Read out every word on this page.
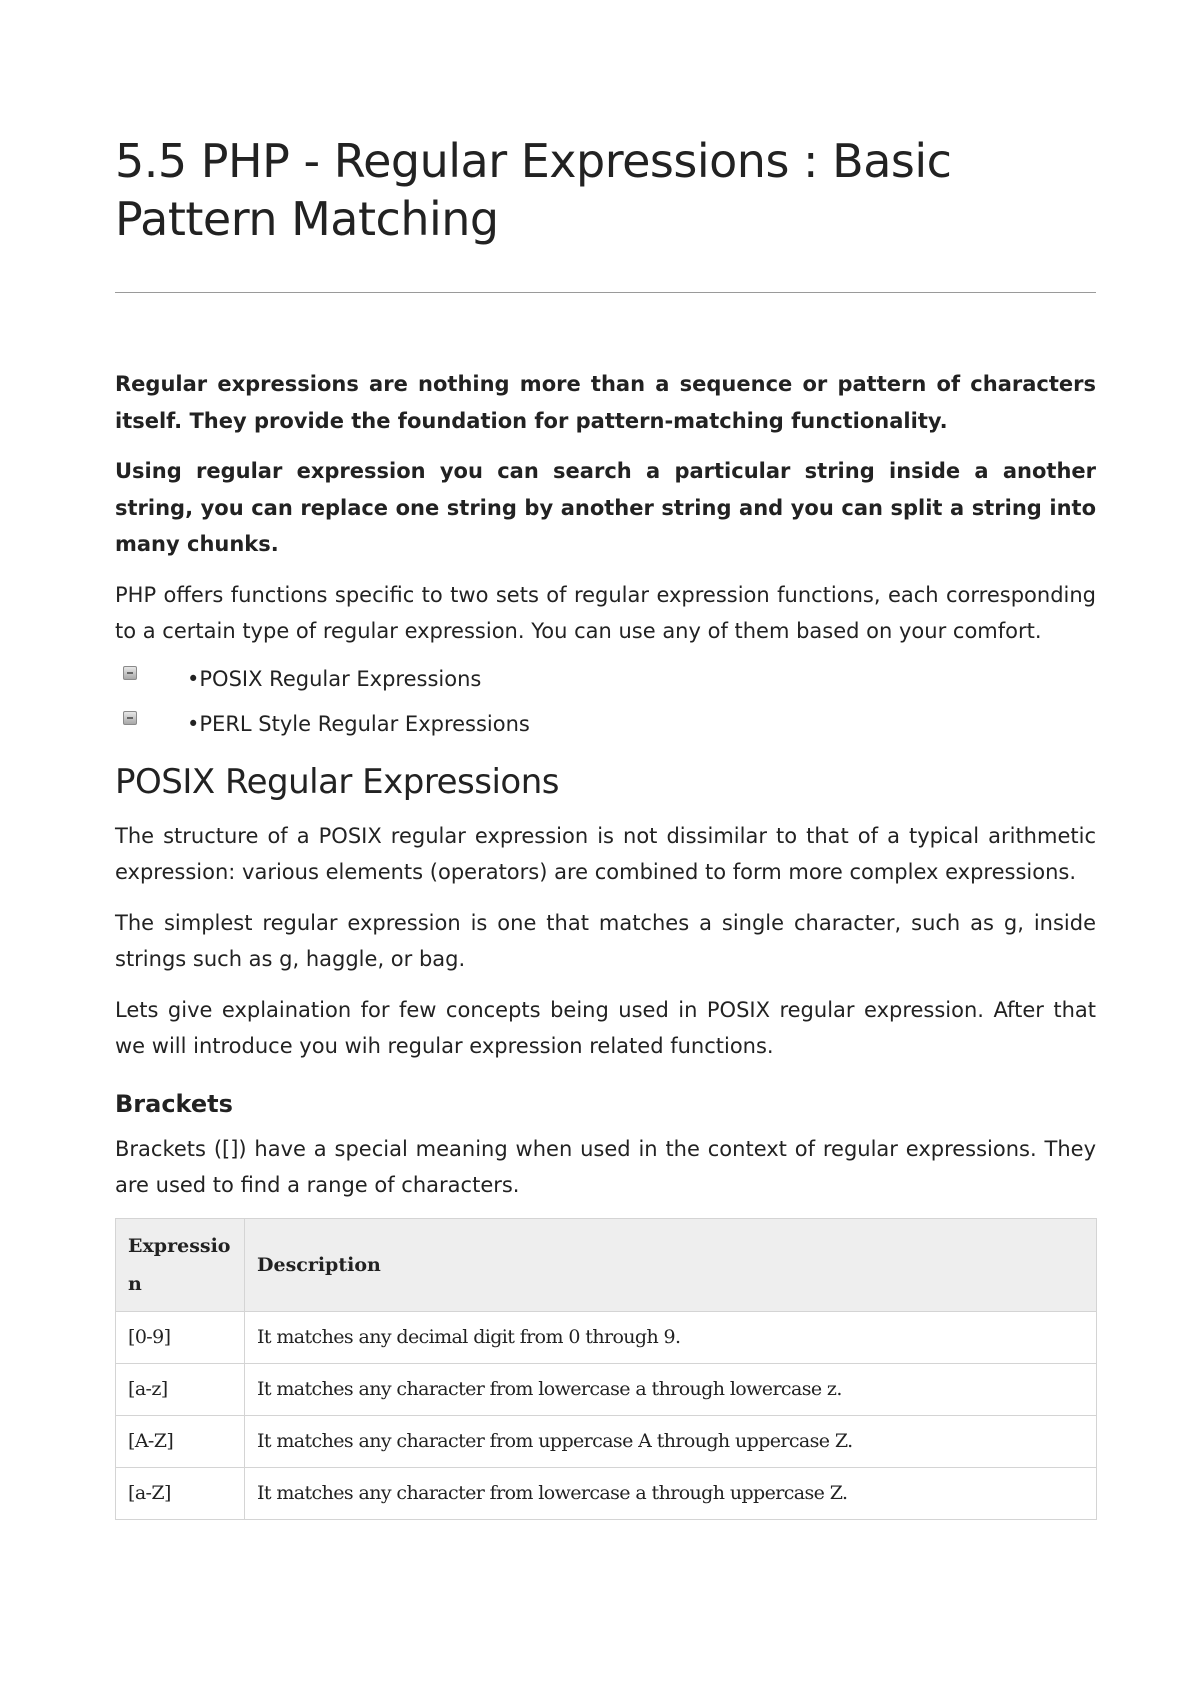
5.5 PHP - Regular Expressions : Basic Pattern Matching

Regular expressions are nothing more than a sequence or pattern of characters itself. They provide the foundation for pattern-matching functionality.

Using regular expression you can search a particular string inside a another string, you can replace one string by another string and you can split a string into many chunks.

PHP offers functions specific to two sets of regular expression functions, each corresponding to a certain type of regular expression. You can use any of them based on your comfort.

•POSIX Regular Expressions
•PERL Style Regular Expressions
POSIX Regular Expressions

The structure of a POSIX regular expression is not dissimilar to that of a typical arithmetic expression: various elements (operators) are combined to form more complex expressions.

The simplest regular expression is one that matches a single character, such as g, inside strings such as g, haggle, or bag.

Lets give explaination for few concepts being used in POSIX regular expression. After that we will introduce you wih regular expression related functions.

Brackets

Brackets ([]) have a special meaning when used in the context of regular expressions. They are used to find a range of characters.

Expression	Description
[0-9]	It matches any decimal digit from 0 through 9.
[a-z]	It matches any character from lowercase a through lowercase z.
[A-Z]	It matches any character from uppercase A through uppercase Z.
[a-Z]	It matches any character from lowercase a through uppercase Z.
